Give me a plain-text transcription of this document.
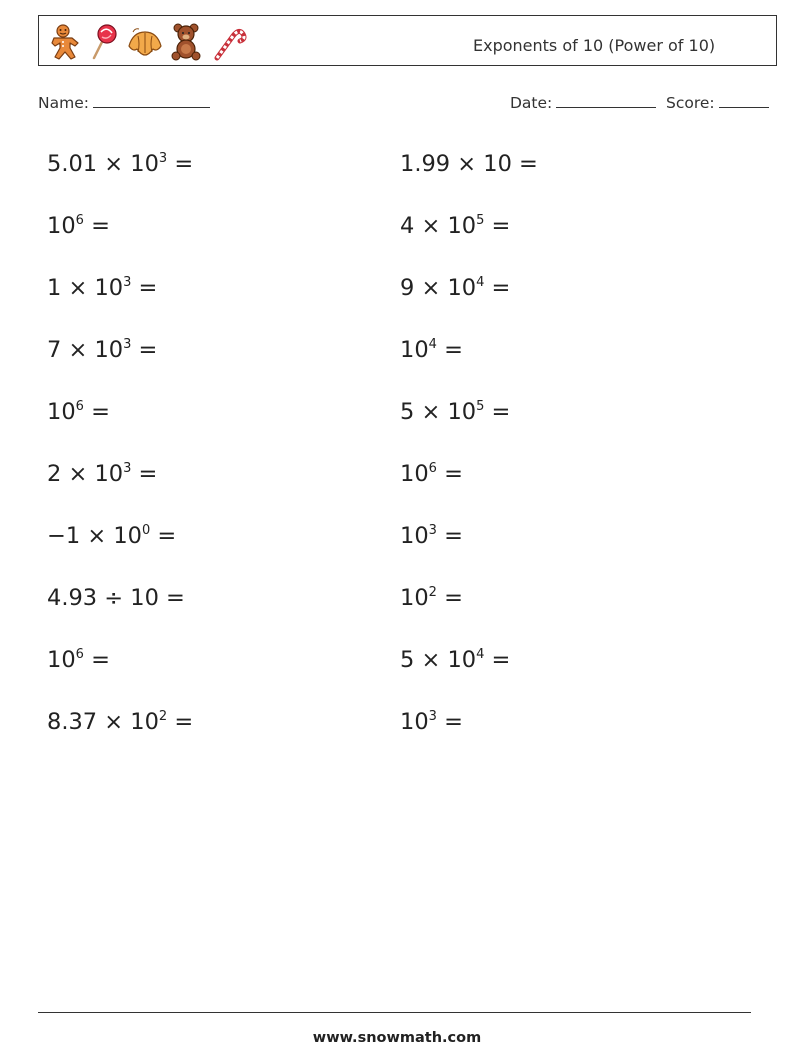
Exponents of 10 (Power of 10)
Name:	Date:	Score:
$5.01 \times 10^3$ =
$10^6$ =
$1 \times 10^3$ =
$7 \times 10^3$ =
$10^6$ =
$2 \times 10^3$ =
$-1 \times 10^0$ =
4.93 ÷ 10 =
$10^6$ =
$8.37 \times 10^2$ =
1.99 × 10 =
$4 \times 10^5$ =
$9 \times 10^4$ =
$10^4$ =
$5 \times 10^5$ =
$10^6$ =
$10^3$ =
$10^2$ =
$5 \times 10^4$ =
$10^3$ =
www.snowmath.com
